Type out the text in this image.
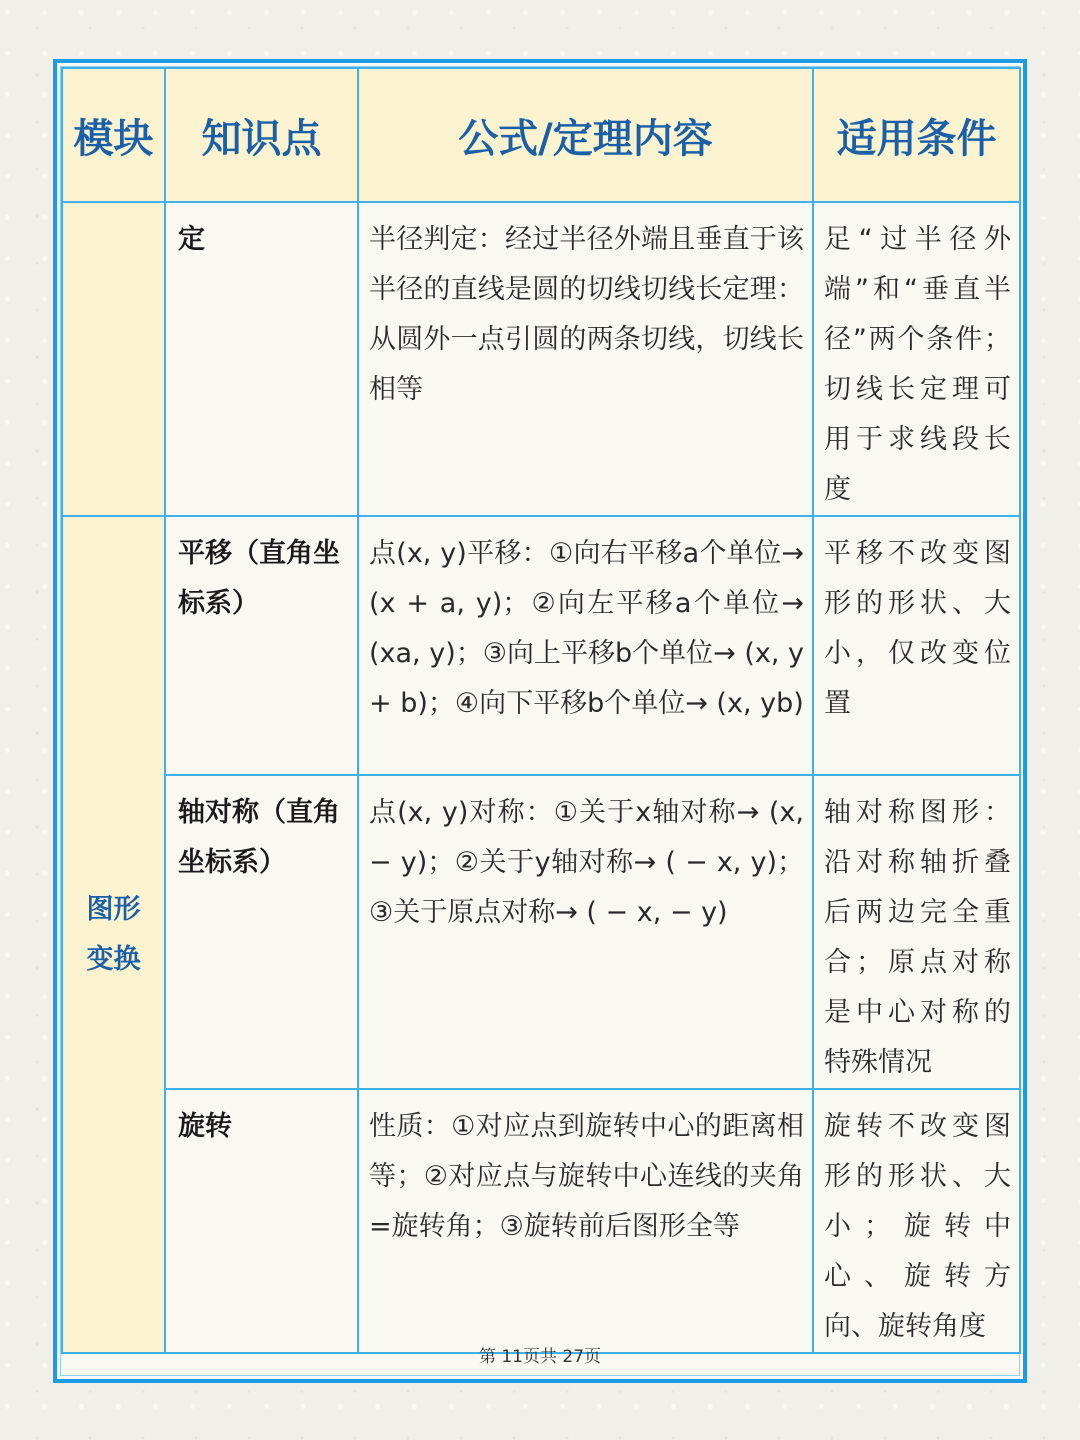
模块	知识点	公式/定理内容	适用条件
	定	半径判定：经过半径外端且垂直于该半径的直线是圆的切线切线长定理：从圆外一点引圆的两条切线，切线长相等	足“过半径外端”和“垂直半径”两个条件；切线长定理可用于求线段长度

图形变换	平移（直角坐标系）	点(x, y)平移：①向右平移a个单位→ (x + a, y)；②向左平移a个单位→ (xa, y)；③向上平移b个单位→ (x, y + b)；④向下平移b个单位→ (x, yb)	平移不改变图形的形状、大小，仅改变位置
	轴对称（直角坐标系）	点(x, y)对称：①关于x轴对称→ (x, − y)；②关于y轴对称→ ( − x, y)；③关于原点对称→ ( − x, − y)	轴对称图形：沿对称轴折叠后两边完全重合；原点对称是中心对称的特殊情况
	旋转	性质：①对应点到旋转中心的距离相等；②对应点与旋转中心连线的夹角=旋转角；③旋转前后图形全等	旋转不改变图形的形状、大小；旋转中心、旋转方向、旋转角度
第 11页共 27页
